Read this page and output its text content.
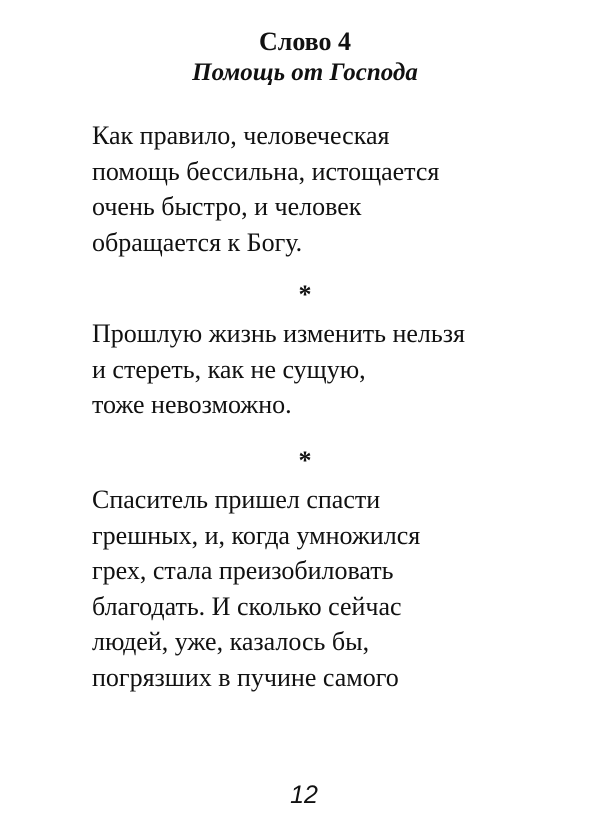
Слово 4
Помощь от Господа

Как правило, человеческая
помощь бессильна, истощается
очень быстро, и человек
обращается к Богу.

*

Прошлую жизнь изменить нельзя
и стереть, как не сущую,
тоже невозможно.

*

Спаситель пришел спасти
грешных, и, когда умножился
грех, стала преизобиловать
благодать. И сколько сейчас
людей, уже, казалось бы,
погрязших в пучине самого

12
